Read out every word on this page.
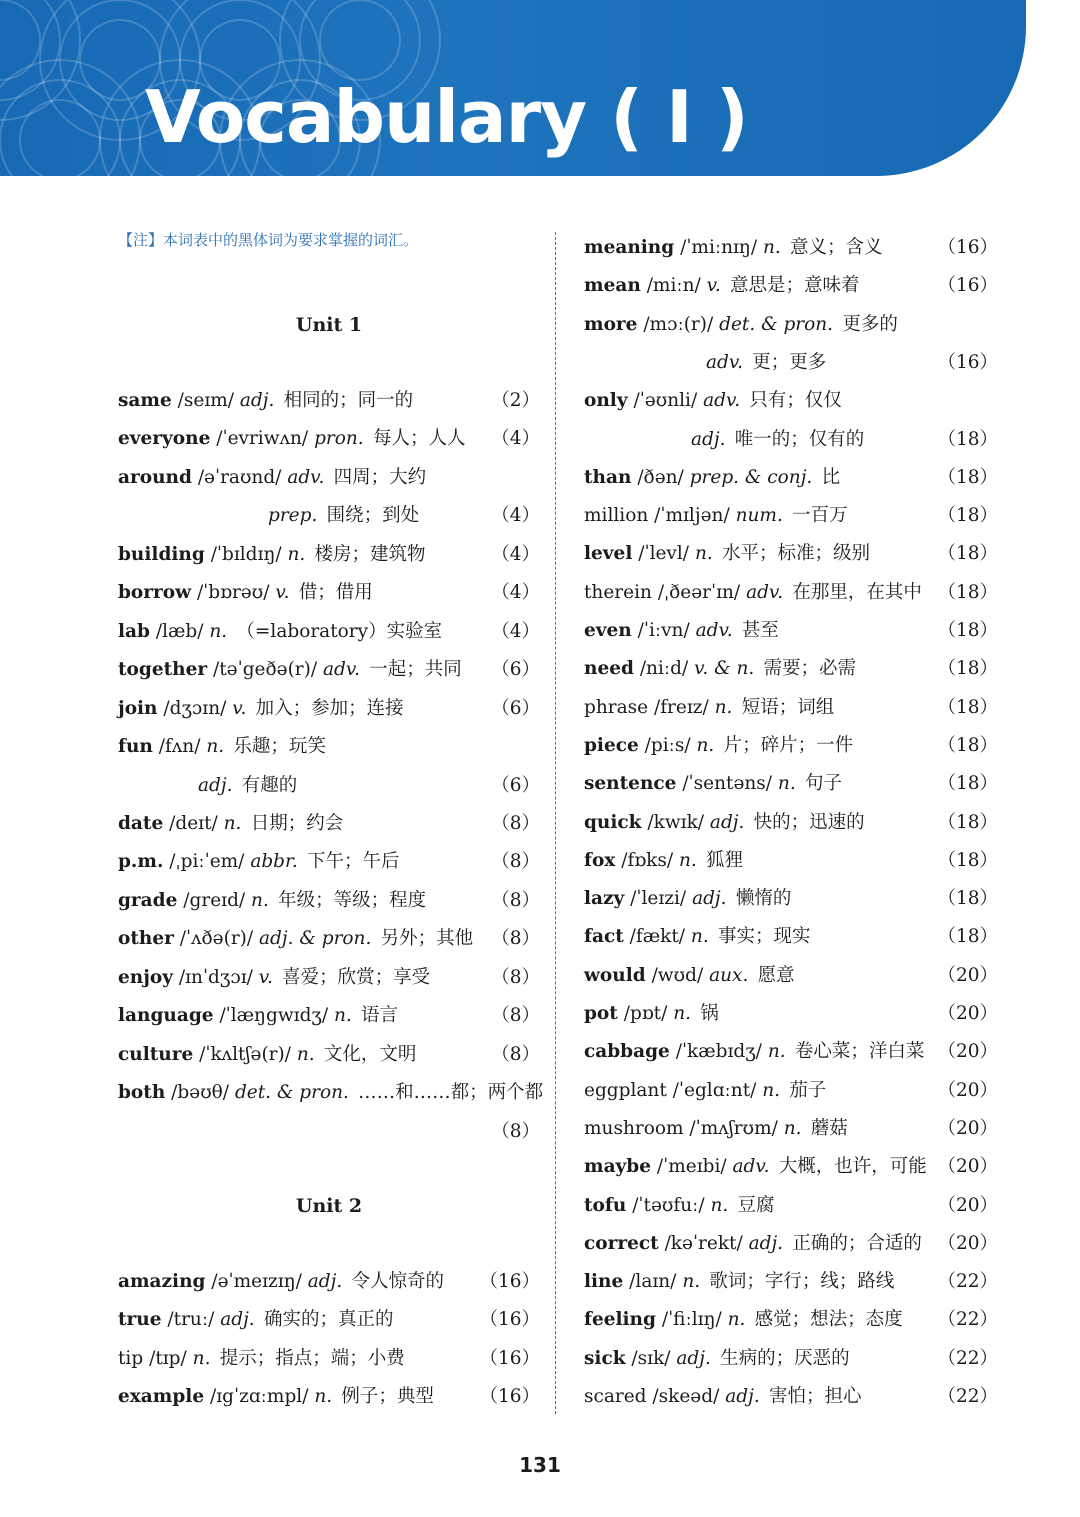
Vocabulary ( I )

【注】本词表中的黑体词为要求掌握的词汇。

Unit 1
Unit 2
same /seɪm/ adj.  相同的；同一的	（2）
everyone /ˈevriwʌn/ pron.  每人；人人 （4）
around /əˈraʊnd/ adv.  四周；大约
prep.  围绕；到处	（4）
building /ˈbɪldɪŋ/ n.  楼房；建筑物	（4）
borrow /ˈbɒrəʊ/ v.  借；借用	（4）
lab /læb/ n.  （=laboratory）实验室	（4）
together /təˈgeðə(r)/ adv.  一起；共同 （6）
join /dʒɔɪn/ v.  加入；参加；连接	（6）
fun /fʌn/ n.  乐趣；玩笑
adj.  有趣的	（6）
date /deɪt/ n.  日期；约会	（8）
p.m. /ˌpiːˈem/ abbr.  下午；午后	（8）
grade /greɪd/ n.  年级；等级；程度	（8）
other /ˈʌðə(r)/ adj. & pron.  另外；其他 （8）
enjoy /ɪnˈdʒɔɪ/ v.  喜爱；欣赏；享受	（8）
language /ˈlæŋgwɪdʒ/ n.  语言	（8）
culture /ˈkʌltʃə(r)/ n.  文化，文明	（8）
both /bəʊθ/ det. & pron.  ……和……都；两个都
（8）
amazing /əˈmeɪzɪŋ/ adj.  令人惊奇的 （16）
true /truː/ adj.  确实的；真正的	（16）
tip /tɪp/ n.  提示；指点；端；小费	（16）
example /ɪgˈzɑːmpl/ n.  例子；典型 （16）
meaning /ˈmiːnɪŋ/ n.  意义；含义	（16）
mean /miːn/ v.  意思是；意味着	（16）
more /mɔː(r)/ det. & pron.  更多的
adv.  更；更多	（16）
only /ˈəʊnli/ adv.  只有；仅仅
adj.  唯一的；仅有的	（18）
than /ðən/ prep. & conj.  比	（18）
million /ˈmɪljən/ num.  一百万	（18）
level /ˈlevl/ n.  水平；标准；级别	（18）
therein /ˌðeərˈɪn/ adv.  在那里，在其中 （18）
even /ˈiːvn/ adv.  甚至	（18）
need /niːd/ v. & n.  需要；必需	（18）
phrase /freɪz/ n.  短语；词组	（18）
piece /piːs/ n.  片；碎片；一件	（18）
sentence /ˈsentəns/ n.  句子	（18）
quick /kwɪk/ adj.  快的；迅速的	（18）
fox /fɒks/ n.  狐狸	（18）
lazy /ˈleɪzi/ adj.  懒惰的	（18）
fact /fækt/ n.  事实；现实	（18）
would /wʊd/ aux.  愿意	（20）
pot /pɒt/ n.  锅	（20）
cabbage /ˈkæbɪdʒ/ n.  卷心菜；洋白菜 （20）
eggplant /ˈeglɑːnt/ n.  茄子	（20）
mushroom /ˈmʌʃrʊm/ n.  蘑菇	（20）
maybe /ˈmeɪbi/ adv.  大概，也许，可能 （20）
tofu /ˈtəʊfuː/ n.  豆腐	（20）
correct /kəˈrekt/ adj.  正确的；合适的 （20）
line /laɪn/ n.  歌词；字行；线；路线 （22）
feeling /ˈfiːlɪŋ/ n.  感觉；想法；态度 （22）
sick /sɪk/ adj.  生病的；厌恶的	（22）
scared /skeəd/ adj.  害怕；担心	（22）
131
